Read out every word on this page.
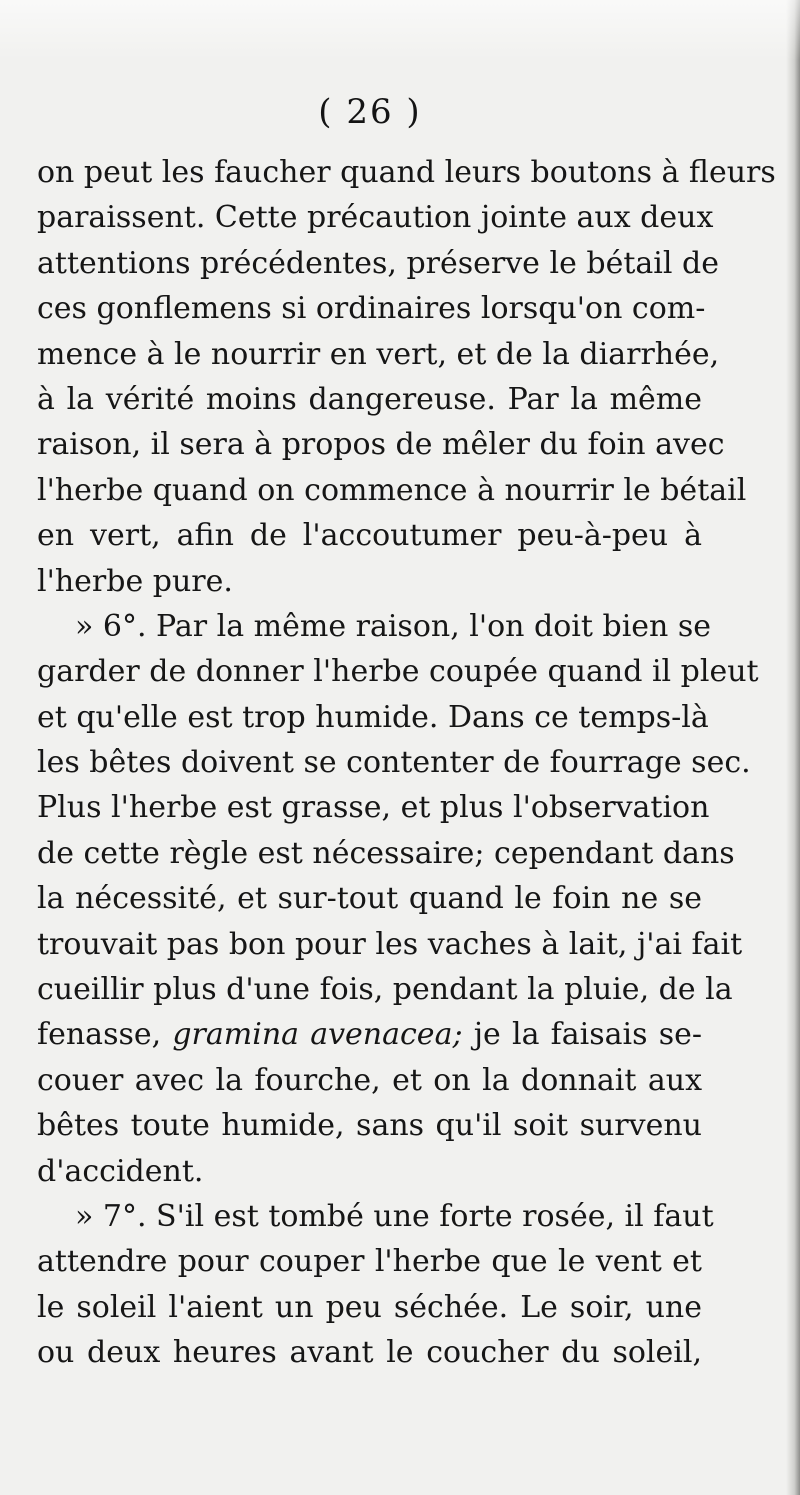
( 26 )
on peut les faucher quand leurs boutons à fleurs
paraissent. Cette précaution jointe aux deux
attentions précédentes, préserve le bétail de
ces gonflemens si ordinaires lorsqu'on com-
mence à le nourrir en vert, et de la diarrhée,
à la vérité moins dangereuse. Par la même
raison, il sera à propos de mêler du foin avec
l'herbe quand on commence à nourrir le bétail
en vert, afin de l'accoutumer peu-à-peu à
l'herbe pure.
» 6°. Par la même raison, l'on doit bien se
garder de donner l'herbe coupée quand il pleut
et qu'elle est trop humide. Dans ce temps-là
les bêtes doivent se contenter de fourrage sec.
Plus l'herbe est grasse, et plus l'observation
de cette règle est nécessaire; cependant dans
la nécessité, et sur-tout quand le foin ne se
trouvait pas bon pour les vaches à lait, j'ai fait
cueillir plus d'une fois, pendant la pluie, de la
fenasse, gramina avenacea; je la faisais se-
couer avec la fourche, et on la donnait aux
bêtes toute humide, sans qu'il soit survenu
d'accident.
» 7°. S'il est tombé une forte rosée, il faut
attendre pour couper l'herbe que le vent et
le soleil l'aient un peu séchée. Le soir, une
ou deux heures avant le coucher du soleil,
